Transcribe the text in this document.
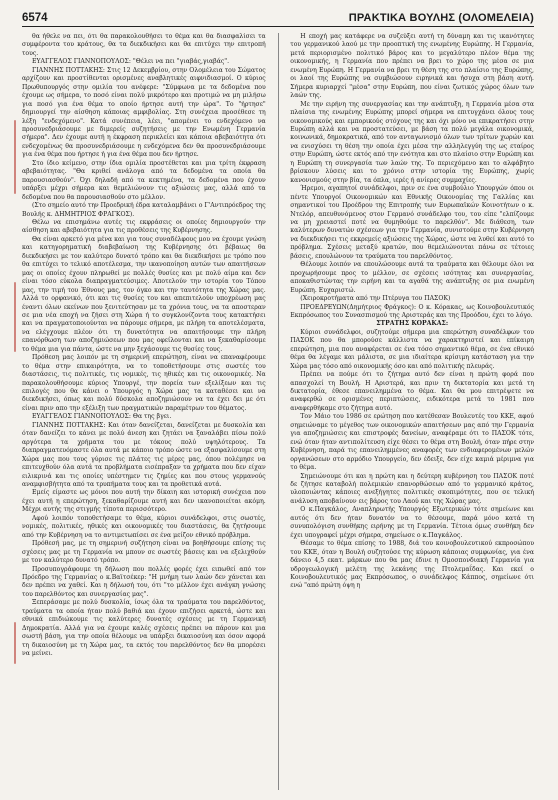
6574	ΠΡΑΚΤΙΚΑ ΒΟΥΛΗΣ (ΟΛΟΜΕΛΕΙΑ)

θα ήθελε να πει, ότι θα παρακολουθήσει το θέμα και θα διασφαλίσει τα συμφέροντα του κράτους, θα τα διεκδικήσει και θα επιτύχει την επιτροπή τους.

ΕΥΑΓΓΕΛΟΣ ΓΙΑΝΝΟΠΟΥΛΟΣ: "Θέλει να πει "γιαβάς,γιαβάς".

ΓΙΑΝΝΗΣ ΠΟΤΤΑΚΗΣ: Στις 12 Δεκεμβρίου, στην Ολομέλεια του Σώματος αρχίζουν και προστίθενται ορισμένες αναβλητικές αιφνιδιασμοί. Ο κύριος Πρωθυπουργός στην ομιλία του ανέφερε: "Σύμφωνα με τα δεδομένα που έχουμε ως σήμερα, το ποσό είναι πολύ μικρότερο και προτιμώ να μη μιλήσω για ποσό για ένα θέμα το οποίο ήρτησε αυτή την ώρα". Το "ήρτησε" δημιουργεί την αίσθηση κάποιας αμφιβολίας. Στη συνέχεια προσέθεσε τη λέξη "ενδεχόμενο". Κατά συνέπεια, λέει, "απομένει το ενδεχόμενο να προσυνεδριάσουμε με διμερείς συζητήσεις με την Ενωμένη Γερμανία σήμερα". Δεν έχουμε αυτή η έκφραση περικλείει και κάποια αβεβαιότητα ότι ενδεχομένως θα προσυνεδριάσουμε η ενδεχόμενα δεν θα προσυνεδριάσουμε για ένα θέμα που ήρτησε ή για ένα θέμα που δεν ήρτησε.

Στο ίδιο κείμενο, στην ίδια ομιλία προστέθεται και μια τρίτη έκφραση αβεβαιότητας. "Θα κριθεί ανάλογα από τα δεδομένα τα οποία θα παρουσιασθούν". Όχι δηλαδή από τα κεκτημένα, τα δεδομένα που έχουν υπάρξει μέχρι σήμερα και θεμελιώνουν τις αξιώσεις μας, αλλά από τα δεδομένα που θα παρουσιασθούν στο μέλλον.

(Στο σημείο αυτό την Προεδρική έδρα καταλαμβάνει ο Γ'Αντιπρόεδρος της Βουλής κ. ΔΗΜΗΤΡΙΟΣ ΦΡΑΓΚΟΣ).

Θέλω να επισημάνω αυτές τις εκφράσεις οι οποίες δημιουργούν την αίσθηση και αβεβαιότητα για τις προθέσεις της Κυβέρνησης.

Θα είναι αρκετό για μένα και για τους συναδέλφους μου να έχουμε γνώση και κατηγορηματική διαβεβαίωση της Κυβέρνησης ότι βέβαιως θα διεκδικήσει με τον καλύτερο δυνατό τρόπο και θα διεκδικήσει με τρόπο που θα επιτύχει το τελικό αποτέλεσμα, την ικανοποίηση αυτών των απαιτήσεων μας οι οποίες έχουν πληρωθεί με πολλές θυσίες και με πολύ αίμα και δεν είναι τόσο εύκολα διαπραγματεύσιμες. Αποτελούν την ιστορία του Τόπου μας, την τιμή του Έθνους μας, τον όγκο και την ταυτότητα της Χώρας μας. Αλλά το ορφανικό, ότι και τις θυσίες του και απεπιτελούν υποχρέωση μας έναντι όλων εκείνων που ξενιτεύτησαν με τα χρόνια τους, να τα αποστεραν σε μια νέα εποχή να ζήσει στη Χώρα ή το συγκλονίζοντα τους κατακτήσει και να πραγματοποιούνται να πάρουμε σήμερα, με πλήρη τα αποτελέσματα, να ελέγχουμε πλέον ότι τη δυνατότητα να απαιτήσουμε την πλήρη επανόρθωση των αποζημιώσεων που μας οφείλονται και να ξεκαθαρίσουμε το θέμα μια για πάντα, ώστε να μην ξεχάσουμε τις θυσίες τους.

Πρόθεση μας λοιπόν με τη σημερινή επερώτηση, είναι να επαναφέρουμε το θέμα στην επικαιρότητα, να το τοποθετήσουμε στις σωστές του διαστάσεις, τις πολιτικές, τις νομικές, τις ηθικές και τις οικονομικές. Να παρακολουθήσουμε κύριος Υπουργέ, την πορεία των εξελίξεων και τις επιλογές που θα κάνει ο Υπουργός η Χώρα μας τα καταθέσει και να διεκδικήσει, όπως και πολύ δύσκολα αποζημιώσουν να τα έχει δει με ότι είναι πριν απο την εξέλιξη των πραγματικών παραμέτρων του θέματος.

ΕΥΑΓΓΕΛΟΣ ΓΙΑΝΝΟΠΟΥΛΟΣ: Θα της βγει.

ΓΙΑΝΝΗΣ ΠΟΤΤΑΚΗΣ: Και όταν δανείζεται, δανείζεται με δυσκολία και όταν δανείζει το κάνει με πολύ άνεση και ζητάει να ξαναλάβει πίσω πολύ αργότερα τα χρήματα του με τόκους πολύ υψηλότερους. Τα διαπραγματευόμαστε όλα αυτά με κάποιο τρόπο ώστε να εξασφαλίσουμε στη Χώρα μας που τους γύρισε τις πλάτες τις μέρες μας, όπου πολέμησε να επιτευχθούν όλα αυτά τα προβλήματα εισέπραξαν τα χρήματα που δεν είχαν ειλικρινά και τις οποίες υπέστημεν τις ζημίες και που στους γερμανούς αναμφισβήτητα από τα τρυπήματα τους και τα προθετικά αυτά.

Εμείς είμαστε ως μόνοι που αυτή την δίκαιη και ιστορική συνέχεια που έχει αυτή η επερώτηση, ξεκαθαρίζουμε αυτή και δεν ικανοποιείται ακόμη. Μέχρι αυτής της στιγμής τίποτα περισσότερο.

Αφού λοιπόν τοποθετήσαμε το θέμα, κύριοι συνάδελφοι, στις σωστές, νομικές, πολιτικές, ηθικές και οικονομικές του διαστάσεις, θα ζητήσουμε από την Κυβέρνηση να το αντιμετωπίσει σε ένα μείζον εθνικό πρόβλημα.

Πρόθεσή μας, με τη σημερινή συζήτηση είναι να βοηθήσουμε επίσης τις σχέσεις μας με τη Γερμανία να μπουν σε σωστές βάσεις και να εξελιχθούν με τον καλύτερο δυνατό τρόπο.

Προσυπογράφουμε τη δήλωση που πολλές φορές έχει ειπωθεί από τον Πρόεδρο της Γερμανίας ο κ.Βαϊτσέκερ: "Η μνήμη των λαών δεν χάνεται και δεν πρέπει να χαθεί. Και η δήλωσή του, ότι "το μέλλον έχει ανάγκη γνώσης του παρελθόντος και συνεργασίας μας".

Ξεπεράσαμε με πολύ δυσκολία, ίσως όλα τα τραύματα του παρελθόντος, τραύματα τα οποία ήταν πολύ βαθιά και έχουν επιζήσει αρκετά, ώστε και εθνικά επιδιώκουμε τις καλύτερες δυνατές σχέσεις με τη Γερμανική Δημοκρατία. Αλλά για να έχουμε καλές σχέσεις πρέπει να πάρουν και μια σωστή βάση, για την οποία θέλουμε να υπάρξει δικαιοσύνη και όσον αφορά τη δικαιοσύνη με τη Χώρα μας, τα εκτός του παρελθόντος δεν θα μπορέσει να μείνει.

Η εποχή μας κατάφερε να συζεύξει αυτή τη δύναμη και τις ικανότητες του γερμανικού λαού με την προοπτική της ενωμένης Ευρώπης. Η Γερμανία, μετά περιορισμένο πολιτικό βάρος και το μεγαλύτερο πλέον θέμα της οικονομικής, η Γερμανία που πρέπει να βρει το χώρο της μέσα σε μια ενωμένη Ευρώπη. Η Γερμανία να βρει τη θέση της στο πλαίσιο της Ευρώπης, οι λαοί της Ευρώπης να συμβιώσουν ειρηνικά και ήσυχα στη βάση αυτή. Σήμερα κυριαρχεί "μέσα" στην Ευρώπη, που είναι ζωτικός χώρος όλων των λαών της.

Με την ειρήνη της συνεργασίας και την ανάπτυξη, η Γερμανία μέσα στα πλαίσια της ενωμένης Ευρώπης μπορεί σήμερα να επιτυγχάνει όλους τους οικονομικούς και εμπορικούς στόχους της και όχι μόνο να επικρατήσει στην Ευρώπη αλλά και να προστατεύσει, με βάση τα πολύ μεγάλα οικονομικά, κοινωνικά, δημοκρατικά, από τον ανταγωνισμό όλων των τρίτων χωρών και να ενισχύσει τη θέση την οποία έχει μέσα την αλληλεγγύη της ως εταίρος στην Ευρώπη, ώστε εκτός από την ενότητα και στο πλαίσιο στην Ευρώπη και η Ευρώπη τη συνεργασία των λαών της. Το περιεχόμενο και το αλφάβητο βρίσκουν λύσεις και το χρόνιο στην ιστορία της Ευρώπης, χωρίς κανονισμούς στην βία, τα όπλα, ιερές ή ανίερες συμμαχίες.

Ήρεμοι, αγαπητοί συνάδελφοι, πριν σε ένα συμβούλιο Υπουργών όπου οι πέντε Υπουργοί Οικονομικών και Εθνικής Οικονομίας της Γαλλίας και σημαντικοί του Προέδρου της Επιτροπής των Ευρωπαϊκών Κοινοτήτων ο κ. Ντελόρ, απευθυνόμενος στον Γερμανό συνάδελφο του, του είπε "ελπίζουμε να μη χρειαστεί ποτέ να θυμηθούμε το παρελθόν". Με διάθεση, των καλύτερων δυνατών σχέσεων για την Γερμανία, συνιστούμε στην Κυβέρνηση να διεκδικήσει τις εκκρεμείς αξιώσεις της Χώρας, ώστε να λυθεί και αυτό το πρόβλημα. Σχέσεις μεταξύ κρατών, που θεμελιώνονται πάνω σε τέτοιες βάσεις, επουλώνουν τα τραύματα του παρελθόντος.

Θέλουμε λοιπόν να επουλώσουμε αυτά τα τραύματα και θέλουμε όλοι να προχωρήσουμε προς το μέλλον, σε σχέσεις ισότητας και συνεργασίας, αποκαθιστώντας την ειρήνη και τα αγαθά της ανάπτυξης σε μια ενωμένη Ευρώπη. Ευχαριστώ.

(Χειροκροτήματα από την Πτέρυγα του ΠΑΣΟΚ)

ΠΡΟΕΔΡΕΥΩΝ(Δημήτριος Φράγκος): Ο κ. Κόρακας, ως Κοινοβουλευτικός Εκπρόσωπος του Συνασπισμού της Αριστεράς και της Προόδου, έχει το λόγο.

ΣΤΡΑΤΗΣ ΚΟΡΑΚΑΣ:

Κύριοι συνάδελφοι, συζητούμε σήμερα μια επερώτηση συναδέλφων του ΠΑΣΟΚ που θα μπορούσε κάλλιστα να χαρακτηριστεί και επίκαιρη επερώτηση, μια που αναφέρεται σε ένα τόσο σημαντικό θέμα, σε ένα εθνικό θέμα θα λέγαμε και μάλιστα, σε μια ιδιαίτερα κρίσιμη κατάσταση για την Χώρα μας τόσο από οικονομικής όσο και από πολιτικής πλευράς.

Πρέπει να πούμε ότι το ζήτημα αυτό δεν είναι η πρώτη φορά που απασχολεί τη Βουλή. Η Αριστερά, και πριν τη δικτατορία και μετά τη δικτατορία, έθεσε επανειλημμένα το θέμα. Και θα μου επιτρέψετε να αναφερθώ σε ορισμένες περιπτώσεις, ειδικότερα μετά το 1981 που αναφερθήκαμε στο ζήτημα αυτό.

Τον Μάιο του 1986 σε ερώτηση που κατέθεσαν Βουλευτές του ΚΚΕ, αφού σημειώναμε το μέγεθος των οικονομικών απαιτήσεων μας από την Γερμανία για αποζημιώσεις και επιστροφές δανείων, αναφέραμε ότι το ΠΑΣΟΚ τότε, ενώ όταν ήταν αντιπολίτευση είχε θέσει το θέμα στη Βουλή, όταν πήρε στην Κυβέρνηση, παρά τις επανειλημμένες αναφορές των ενδιαφερομένων μελών οργανώσεων στο αρμόδιο Υπουργείο, δεν έδειξε, δεν είχε καμιά μέριμνα για το θέμα.

Σημειώνουμε ότι και η πρώτη και η δεύτερη κυβέρνηση του ΠΑΣΟΚ ποτέ δε ζήτησε καταβολή πολεμικών επανορθώσεων από το γερμανικό κράτος, υλοποιώντας κάποιες ανεξήγητες πολιτικές σκοπιμότητες, που σε τελική ανάλυση αποβαίνουν εις βάρος του Λαού και της Χώρας μας.

Ο κ.Παγκάλος, Αναπληρωτής Υπουργός Εξωτερικών τότε σημείωνε και αυτός ότι δεν ήταν δυνατόν να το θέσουμε, παρά μόνο κατά τη συνυπολόγιση συνθήκης ειρήνης με τη Γερμανία. Τέτοια όμως συνθήκη δεν έχει υπογραφεί μέχρι σήμερα, σημείωσε ο κ.Παγκάλος.

Θέσαμε το θέμα επίσης το 1988, διά του κοινοβουλευτικού εκπροσώπου του ΚΚΕ, όταν η Βουλή συζητούσε της κύρωση κάποιας συμφωνίας, για ένα δάνειο 4,5 εκατ. μάρκων που θα μας έδινε η Ομοσπονδιακή Γερμανία για υδρογεωλογική μελέτη της λεκάνης της Πτολεμαΐδας. Και εκεί ο Κοινοβουλευτικός μας Εκπρόσωπος, ο συνάδελφος Κάππος, σημείωνε ότι ενώ "από πρώτη όψη η
